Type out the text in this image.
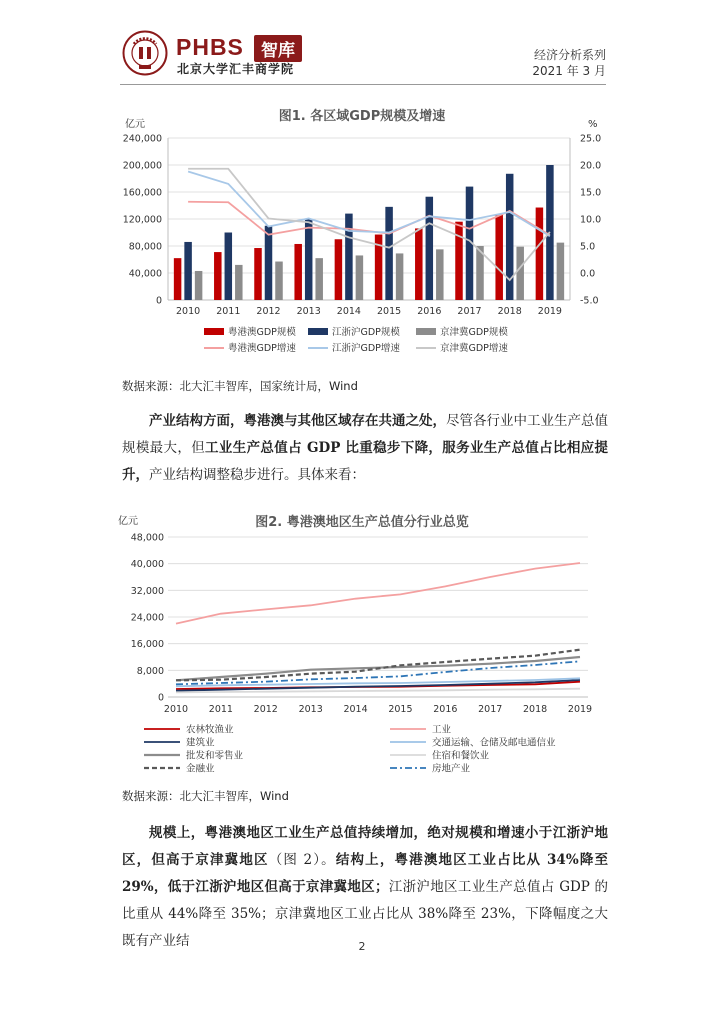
PHBS	智库
北京大学汇丰商学院
经济分析系列
2021 年 3 月
图1. 各区域GDP规模及增速
亿元	%
0
40,000
80,000
120,000
160,000
200,000
240,000
-5.0
0.0
5.0
10.0
15.0
20.0
25.0
2010 2011 2012 2013 2014 2015 2016 2017 2018 2019
粤港澳GDP规模	江浙沪GDP规模	京津冀GDP规模
粤港澳GDP增速	江浙沪GDP增速	京津冀GDP增速
数据来源：北大汇丰智库，国家统计局，Wind
产业结构方面，粤港澳与其他区域存在共通之处，尽管各行业中工业生产总值规模最大，但工业生产总值占 GDP 比重稳步下降，服务业生产总值占比相应提升，产业结构调整稳步进行。具体来看：
图2. 粤港澳地区生产总值分行业总览
亿元
0
8,000
16,000
24,000
32,000
40,000
48,000
2010 2011 2012 2013 2014 2015 2016 2017 2018 2019
农林牧渔业	工业
建筑业	交通运输、仓储及邮电通信业
批发和零售业	住宿和餐饮业
金融业	房地产业
数据来源：北大汇丰智库，Wind
规模上，粤港澳地区工业生产总值持续增加，绝对规模和增速小于江浙沪地区，但高于京津冀地区（图 2）。结构上，粤港澳地区工业占比从 34%降至 29%，低于江浙沪地区但高于京津冀地区；江浙沪地区工业生产总值占 GDP 的比重从 44%降至 35%；京津冀地区工业占比从 38%降至 23%，下降幅度之大既有产业结	2
